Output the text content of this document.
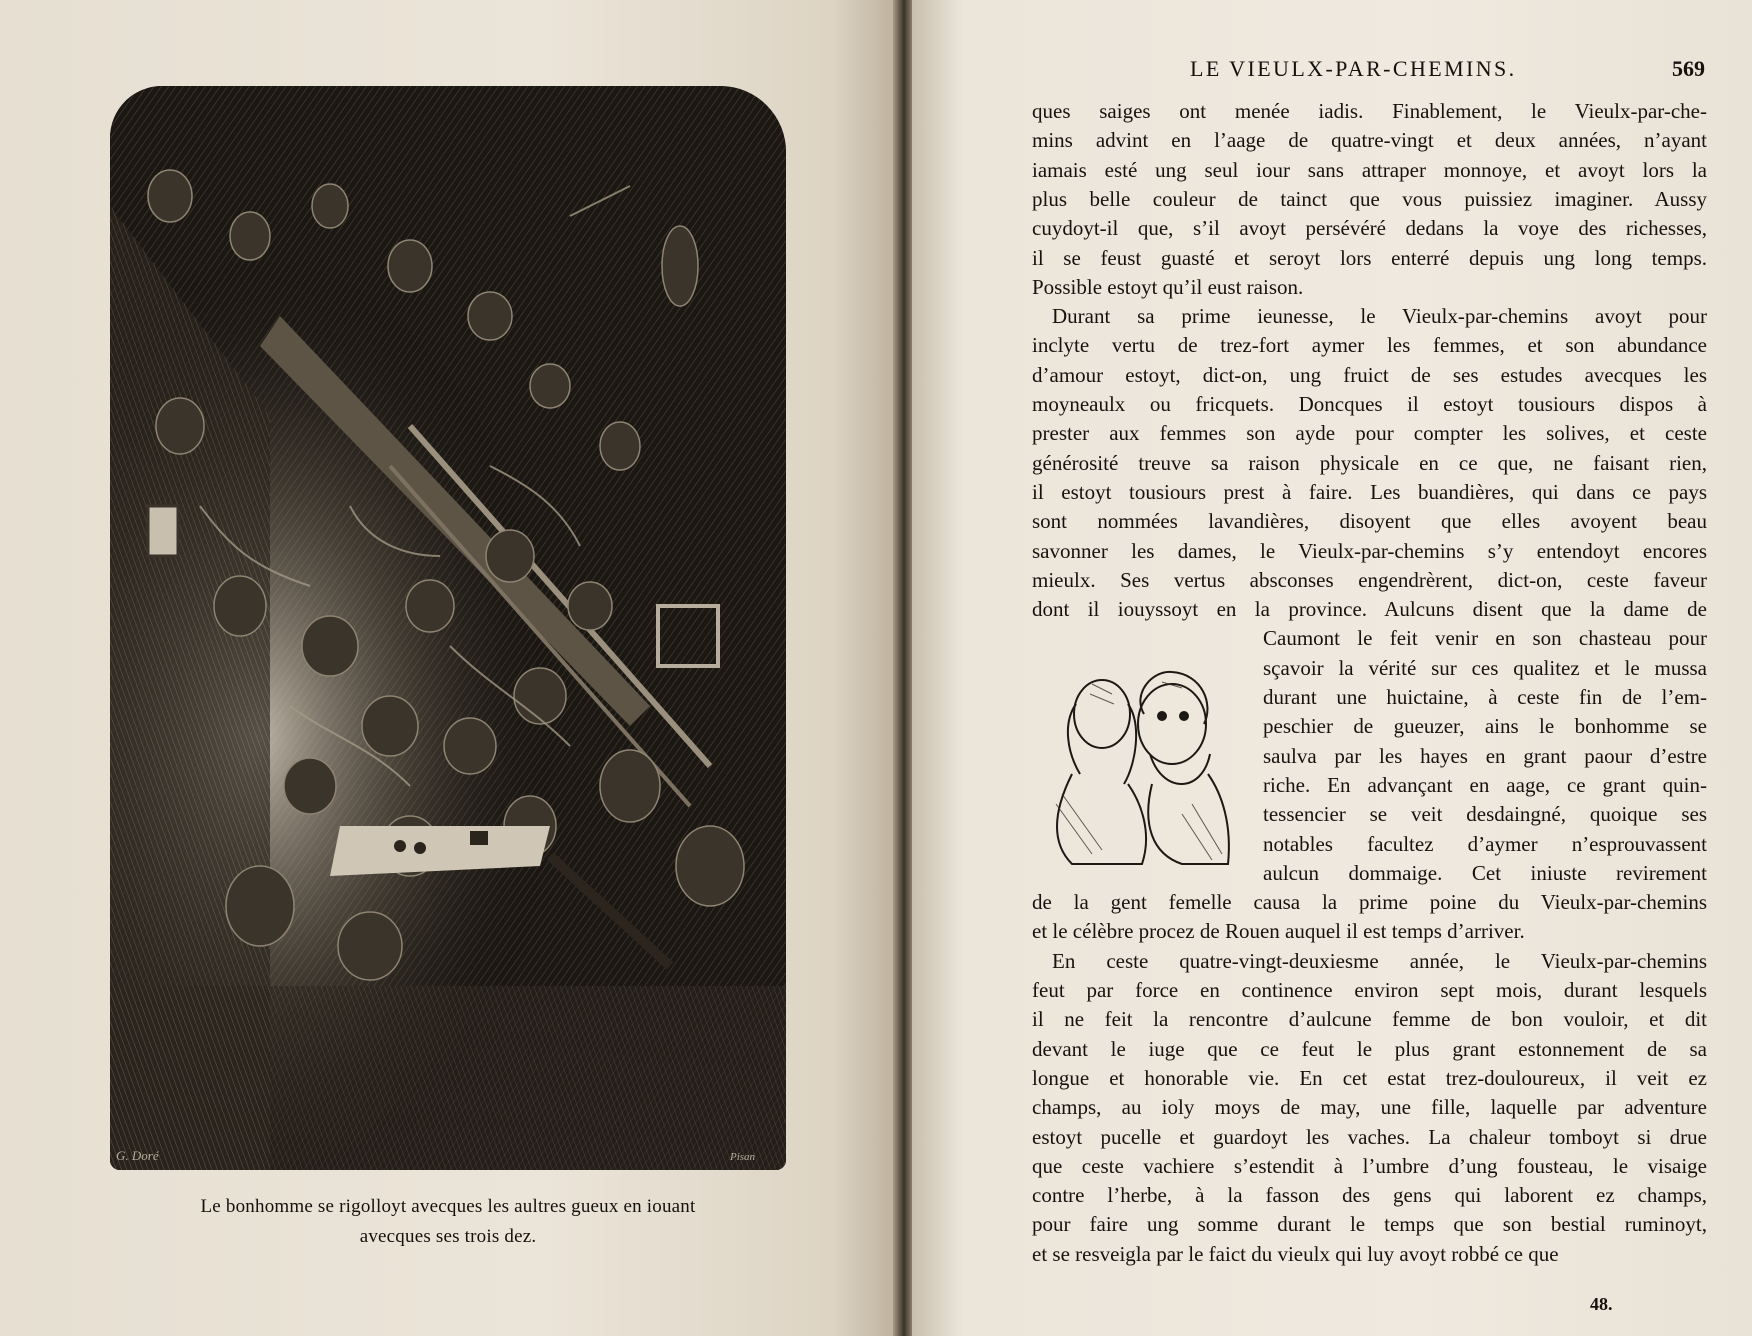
G. Doré	Pisan
Le bonhomme se rigolloyt avecques les aultres gueux en iouant
avecques ses trois dez.
LE VIEULX-PAR-CHEMINS.	569
ques saiges ont menée iadis. Finablement, le Vieulx-par-che-
mins advint en l’aage de quatre-vingt et deux années, n’ayant
iamais esté ung seul iour sans attraper monnoye, et avoyt lors la
plus belle couleur de tainct que vous puissiez imaginer. Aussy
cuydoyt-il que, s’il avoyt persévéré dedans la voye des richesses,
il se feust guasté et seroyt lors enterré depuis ung long temps.
Possible estoyt qu’il eust raison.
Durant sa prime ieunesse, le Vieulx-par-chemins avoyt pour
inclyte vertu de trez-fort aymer les femmes, et son abundance
d’amour estoyt, dict-on, ung fruict de ses estudes avecques les
moyneaulx ou fricquets. Doncques il estoyt tousiours dispos à
prester aux femmes son ayde pour compter les solives, et ceste
générosité treuve sa raison physicale en ce que, ne faisant rien,
il estoyt tousiours prest à faire. Les buandières, qui dans ce pays
sont nommées lavandières, disoyent que elles avoyent beau
savonner les dames, le Vieulx-par-chemins s’y entendoyt encores
mieulx. Ses vertus absconses engendrèrent, dict-on, ceste faveur
dont il iouyssoyt en la province. Aulcuns disent que la dame de
Caumont le feit venir en son chasteau pour
sçavoir la vérité sur ces qualitez et le mussa
durant une huictaine, à ceste fin de l’em-
peschier de gueuzer, ains le bonhomme se
saulva par les hayes en grant paour d’estre
riche. En advançant en aage, ce grant quin-
tessencier se veit desdaingné, quoique ses
notables facultez d’aymer n’esprouvassent
aulcun dommaige. Cet iniuste revirement
de la gent femelle causa la prime poine du Vieulx-par-chemins
et le célèbre procez de Rouen auquel il est temps d’arriver.
En ceste quatre-vingt-deuxiesme année, le Vieulx-par-chemins
feut par force en continence environ sept mois, durant lesquels
il ne feit la rencontre d’aulcune femme de bon vouloir, et dit
devant le iuge que ce feut le plus grant estonnement de sa
longue et honorable vie. En cet estat trez-douloureux, il veit ez
champs, au ioly moys de may, une fille, laquelle par adventure
estoyt pucelle et guardoyt les vaches. La chaleur tomboyt si drue
que ceste vachiere s’estendit à l’umbre d’ung fousteau, le visaige
contre l’herbe, à la fasson des gens qui laborent ez champs,
pour faire ung somme durant le temps que son bestial ruminoyt,
et se resveigla par le faict du vieulx qui luy avoyt robbé ce que
48.
